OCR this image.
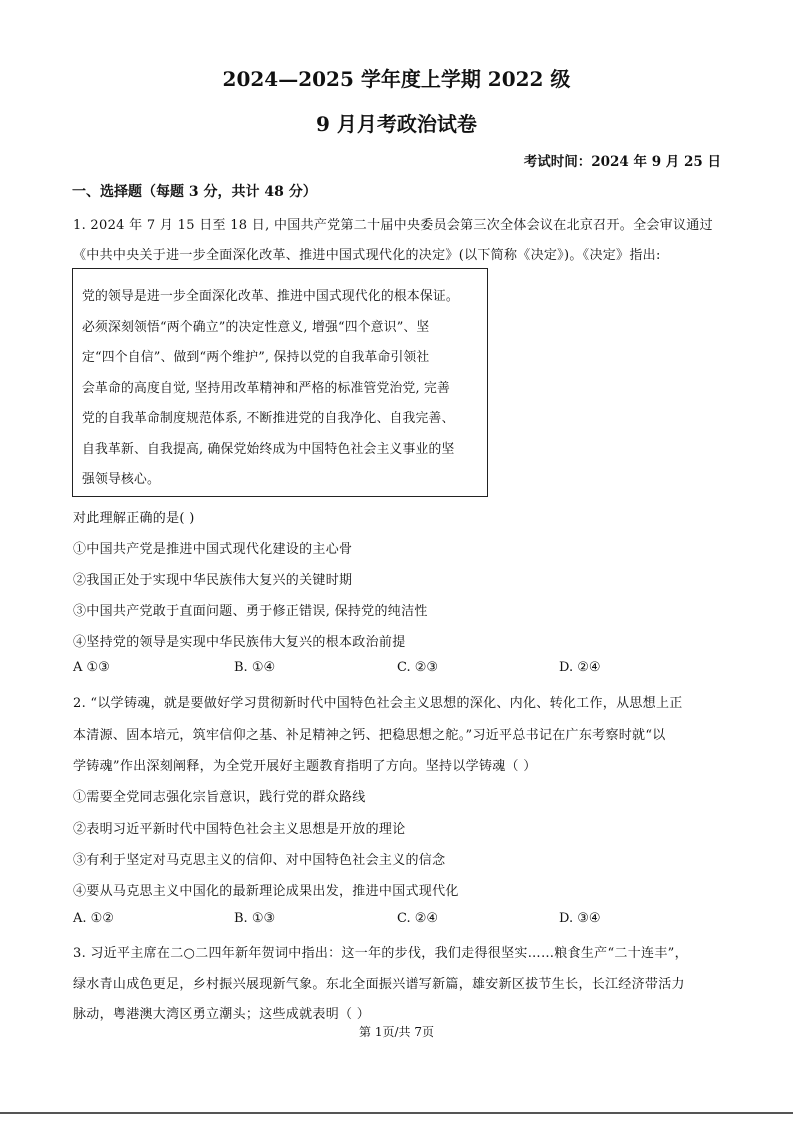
2024—2025 学年度上学期 2022 级
9 月月考政治试卷
考试时间：2024 年 9 月 25 日
一、选择题（每题 3 分，共计 48 分）
1. 2024 年 7 月 15 日至 18 日, 中国共产党第二十届中央委员会第三次全体会议在北京召开。全会审议通过
《中共中央关于进一步全面深化改革、推进中国式现代化的决定》(以下简称《决定》)。《决定》指出:
党的领导是进一步全面深化改革、推进中国式现代化的根本保证。
必须深刻领悟“两个确立”的决定性意义, 增强“四个意识”、坚
定“四个自信”、做到“两个维护”, 保持以党的自我革命引领社
会革命的高度自觉, 坚持用改革精神和严格的标准管党治党, 完善
党的自我革命制度规范体系, 不断推进党的自我净化、自我完善、
自我革新、自我提高, 确保党始终成为中国特色社会主义事业的坚
强领导核心。
对此理解正确的是( )
①中国共产党是推进中国式现代化建设的主心骨
②我国正处于实现中华民族伟大复兴的关键时期
③中国共产党敢于直面问题、勇于修正错误, 保持党的纯洁性
④坚持党的领导是实现中华民族伟大复兴的根本政治前提
A ①③	B. ①④	C. ②③	D. ②④
2. “以学铸魂，就是要做好学习贯彻新时代中国特色社会主义思想的深化、内化、转化工作，从思想上正
本清源、固本培元，筑牢信仰之基、补足精神之钙、把稳思想之舵。”习近平总书记在广东考察时就“以
学铸魂”作出深刻阐释，为全党开展好主题教育指明了方向。坚持以学铸魂（ ）
①需要全党同志强化宗旨意识，践行党的群众路线
②表明习近平新时代中国特色社会主义思想是开放的理论
③有利于坚定对马克思主义的信仰、对中国特色社会主义的信念
④要从马克思主义中国化的最新理论成果出发，推进中国式现代化
A. ①②	B. ①③	C. ②④	D. ③④
3. 习近平主席在二○二四年新年贺词中指出：这一年的步伐，我们走得很坚实……粮食生产“二十连丰”，
绿水青山成色更足，乡村振兴展现新气象。东北全面振兴谱写新篇，雄安新区拔节生长，长江经济带活力
脉动，粤港澳大湾区勇立潮头；这些成就表明（ ）
第 1页/共 7页
